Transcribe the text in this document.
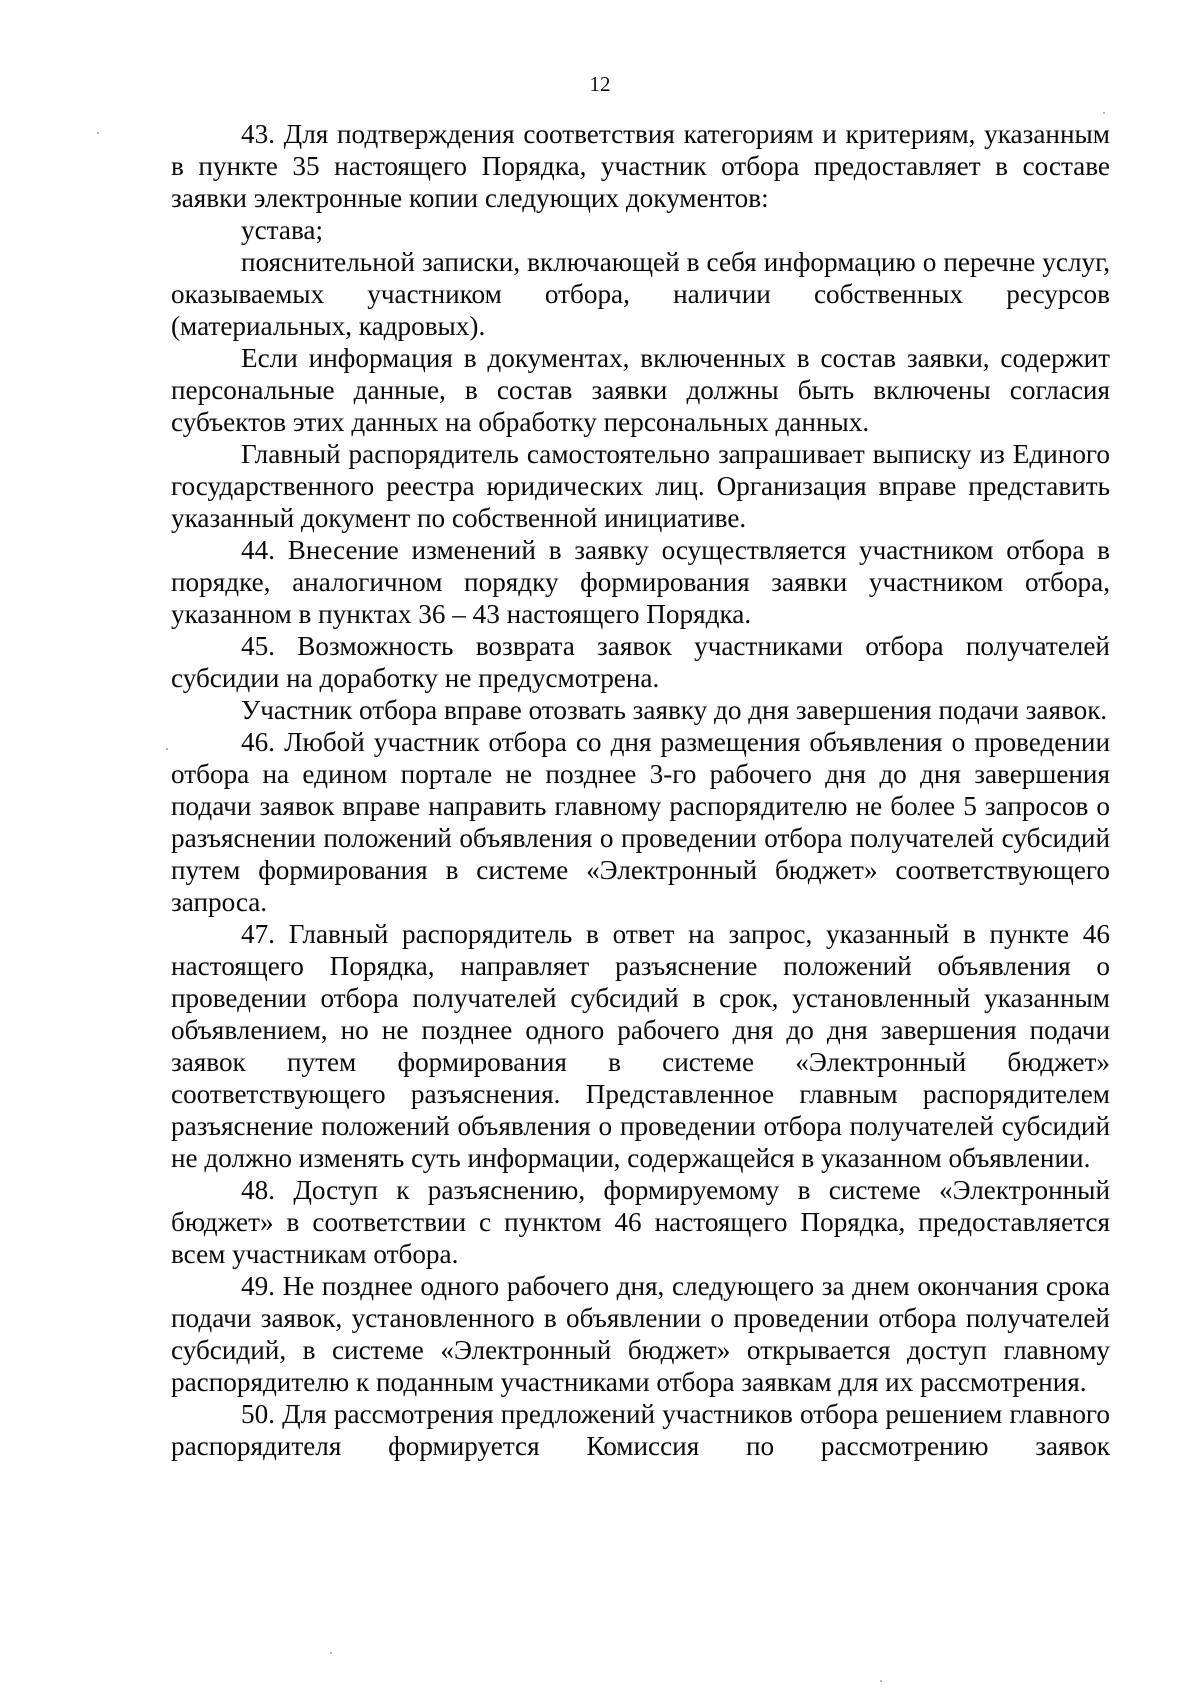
12

43. Для подтверждения соответствия категориям и критериям, указанным в пункте 35 настоящего Порядка, участник отбора предоставляет в составе заявки электронные копии следующих документов:

устава;

пояснительной записки, включающей в себя информацию о перечне услуг, оказываемых участником отбора, наличии собственных ресурсов (материальных, кадровых).

Если информация в документах, включенных в состав заявки, содержит персональные данные, в состав заявки должны быть включены согласия субъектов этих данных на обработку персональных данных.

Главный распорядитель самостоятельно запрашивает выписку из Единого государственного реестра юридических лиц. Организация вправе представить указанный документ по собственной инициативе.

44. Внесение изменений в заявку осуществляется участником отбора в порядке, аналогичном порядку формирования заявки участником отбора, указанном в пунктах 36 – 43 настоящего Порядка.

45. Возможность возврата заявок участниками отбора получателей субсидии на доработку не предусмотрена.

Участник отбора вправе отозвать заявку до дня завершения подачи заявок.

46. Любой участник отбора со дня размещения объявления о проведении отбора на едином портале не позднее 3-го рабочего дня до дня завершения подачи заявок вправе направить главному распорядителю не более 5 запросов о разъяснении положений объявления о проведении отбора получателей субсидий путем формирования в системе «Электронный бюджет» соответствующего запроса.

47. Главный распорядитель в ответ на запрос, указанный в пункте 46 настоящего Порядка, направляет разъяснение положений объявления о проведении отбора получателей субсидий в срок, установленный указанным объявлением, но не позднее одного рабочего дня до дня завершения подачи заявок путем формирования в системе «Электронный бюджет» соответствующего разъяснения. Представленное главным распорядителем разъяснение положений объявления о проведении отбора получателей субсидий не должно изменять суть информации, содержащейся в указанном объявлении.

48. Доступ к разъяснению, формируемому в системе «Электронный бюджет» в соответствии с пунктом 46 настоящего Порядка, предоставляется всем участникам отбора.

49. Не позднее одного рабочего дня, следующего за днем окончания срока подачи заявок, установленного в объявлении о проведении отбора получателей субсидий, в системе «Электронный бюджет» открывается доступ главному распорядителю к поданным участниками отбора заявкам для их рассмотрения.

50. Для рассмотрения предложений участников отбора решением главного распорядителя формируется Комиссия по рассмотрению заявок
